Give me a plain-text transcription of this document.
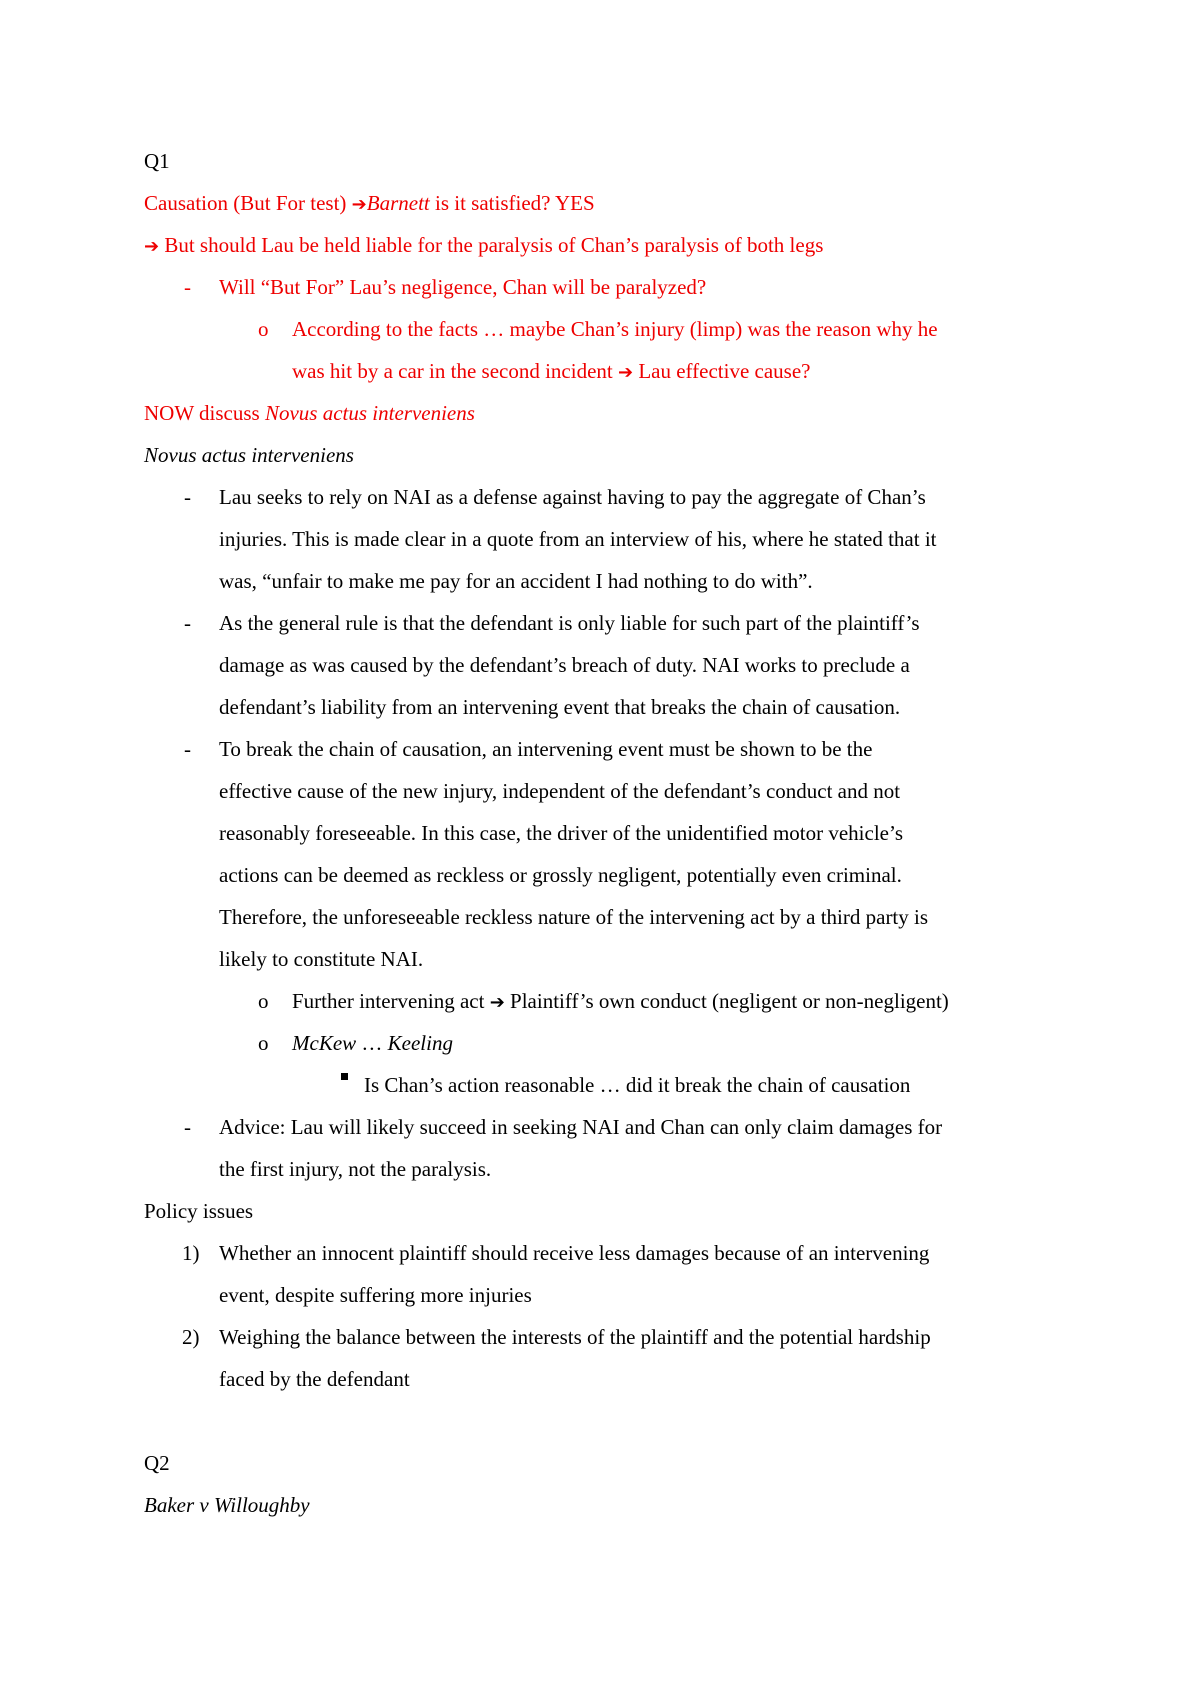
Q1
Causation (But For test) ➔Barnett is it satisfied? YES
➔ But should Lau be held liable for the paralysis of Chan’s paralysis of both legs
- Will “But For” Lau’s negligence, Chan will be paralyzed?
o According to the facts … maybe Chan’s injury (limp) was the reason why he
was hit by a car in the second incident ➔ Lau effective cause?
NOW discuss Novus actus interveniens
Novus actus interveniens
- Lau seeks to rely on NAI as a defense against having to pay the aggregate of Chan’s
injuries. This is made clear in a quote from an interview of his, where he stated that it
was, “unfair to make me pay for an accident I had nothing to do with”.
- As the general rule is that the defendant is only liable for such part of the plaintiff’s
damage as was caused by the defendant’s breach of duty. NAI works to preclude a
defendant’s liability from an intervening event that breaks the chain of causation.
- To break the chain of causation, an intervening event must be shown to be the
effective cause of the new injury, independent of the defendant’s conduct and not
reasonably foreseeable. In this case, the driver of the unidentified motor vehicle’s
actions can be deemed as reckless or grossly negligent, potentially even criminal.
Therefore, the unforeseeable reckless nature of the intervening act by a third party is
likely to constitute NAI.
o Further intervening act ➔ Plaintiff’s own conduct (negligent or non-negligent)
o McKew … Keeling
Is Chan’s action reasonable … did it break the chain of causation
- Advice: Lau will likely succeed in seeking NAI and Chan can only claim damages for
the first injury, not the paralysis.
Policy issues
1) Whether an innocent plaintiff should receive less damages because of an intervening
event, despite suffering more injuries
2) Weighing the balance between the interests of the plaintiff and the potential hardship
faced by the defendant
Q2
Baker v Willoughby
